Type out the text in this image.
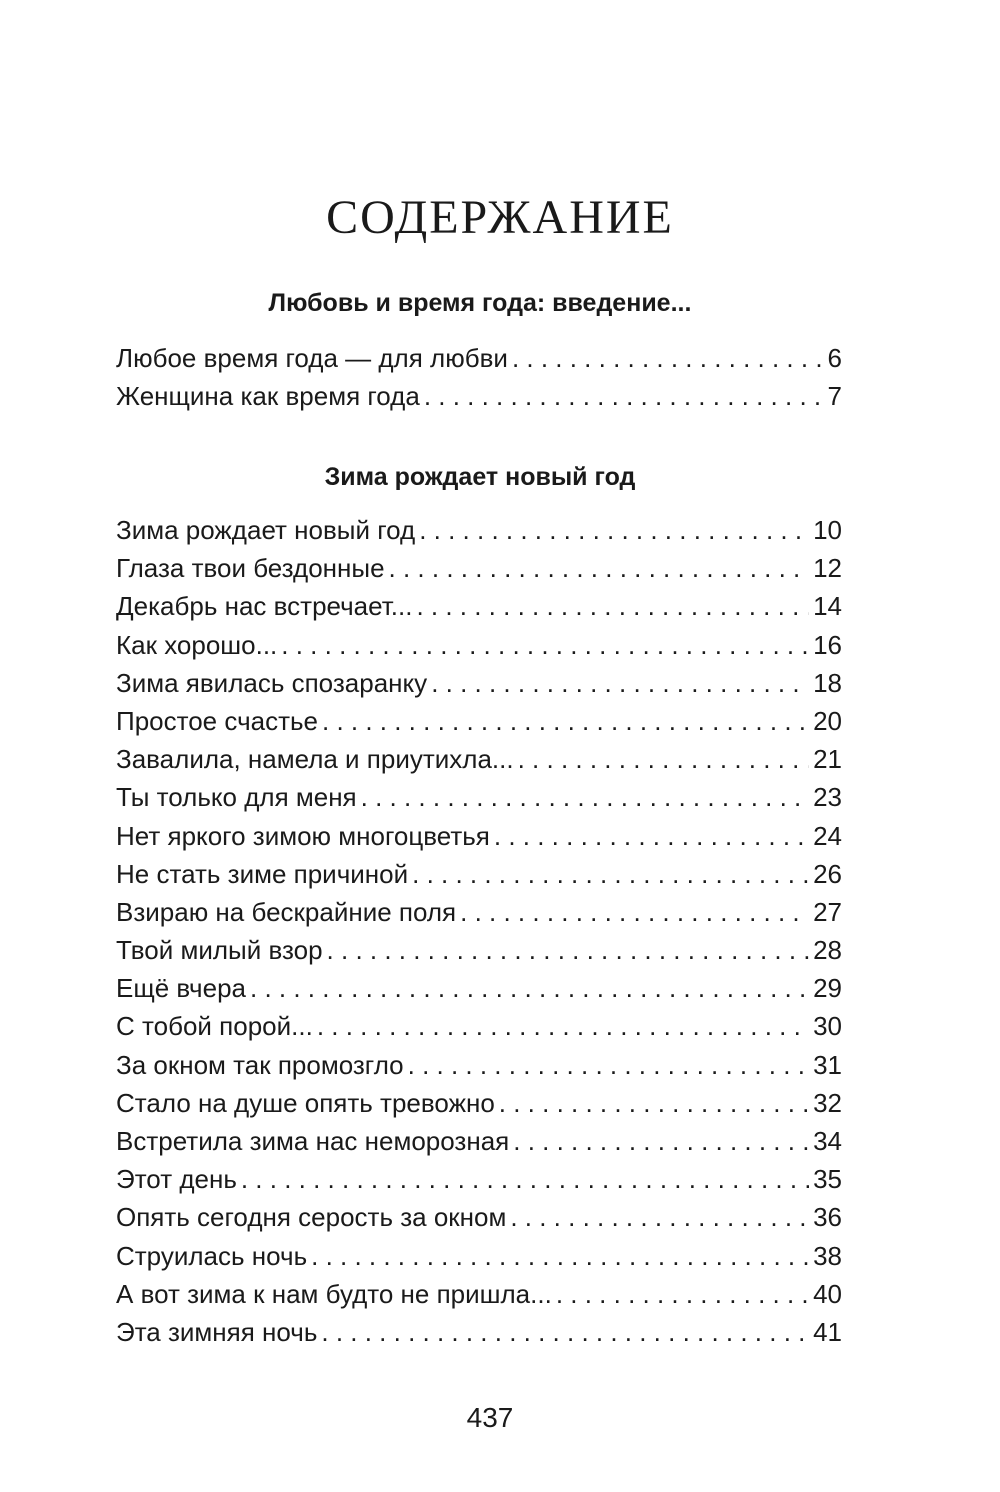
СОДЕРЖАНИЕ
Любовь и время года: введение...
Любое время года — для любви . . .	6
Женщина как время года . . .	7
Зима рождает новый год
Зима рождает новый год . . .	10
Глаза твои бездонные . . .	12
Декабрь нас встречает... . . .	14
Как хорошо... . . .	16
Зима явилась спозаранку . . .	18
Простое счастье . . .	20
Завалила, намела и приутихла... . . .	21
Ты только для меня . . .	23
Нет яркого зимою многоцветья . . .	24
Не стать зиме причиной . . .	26
Взираю на бескрайние поля . . .	27
Твой милый взор . . .	28
Ещё вчера . . .	29
С тобой порой... . . .	30
За окном так промозгло . . .	31
Стало на душе опять тревожно . . .	32
Встретила зима нас неморозная . . .	34
Этот день . . .	35
Опять сегодня серость за окном . . .	36
Струилась ночь . . .	38
А вот зима к нам будто не пришла... . . .	40
Эта зимняя ночь . . .	41
437
